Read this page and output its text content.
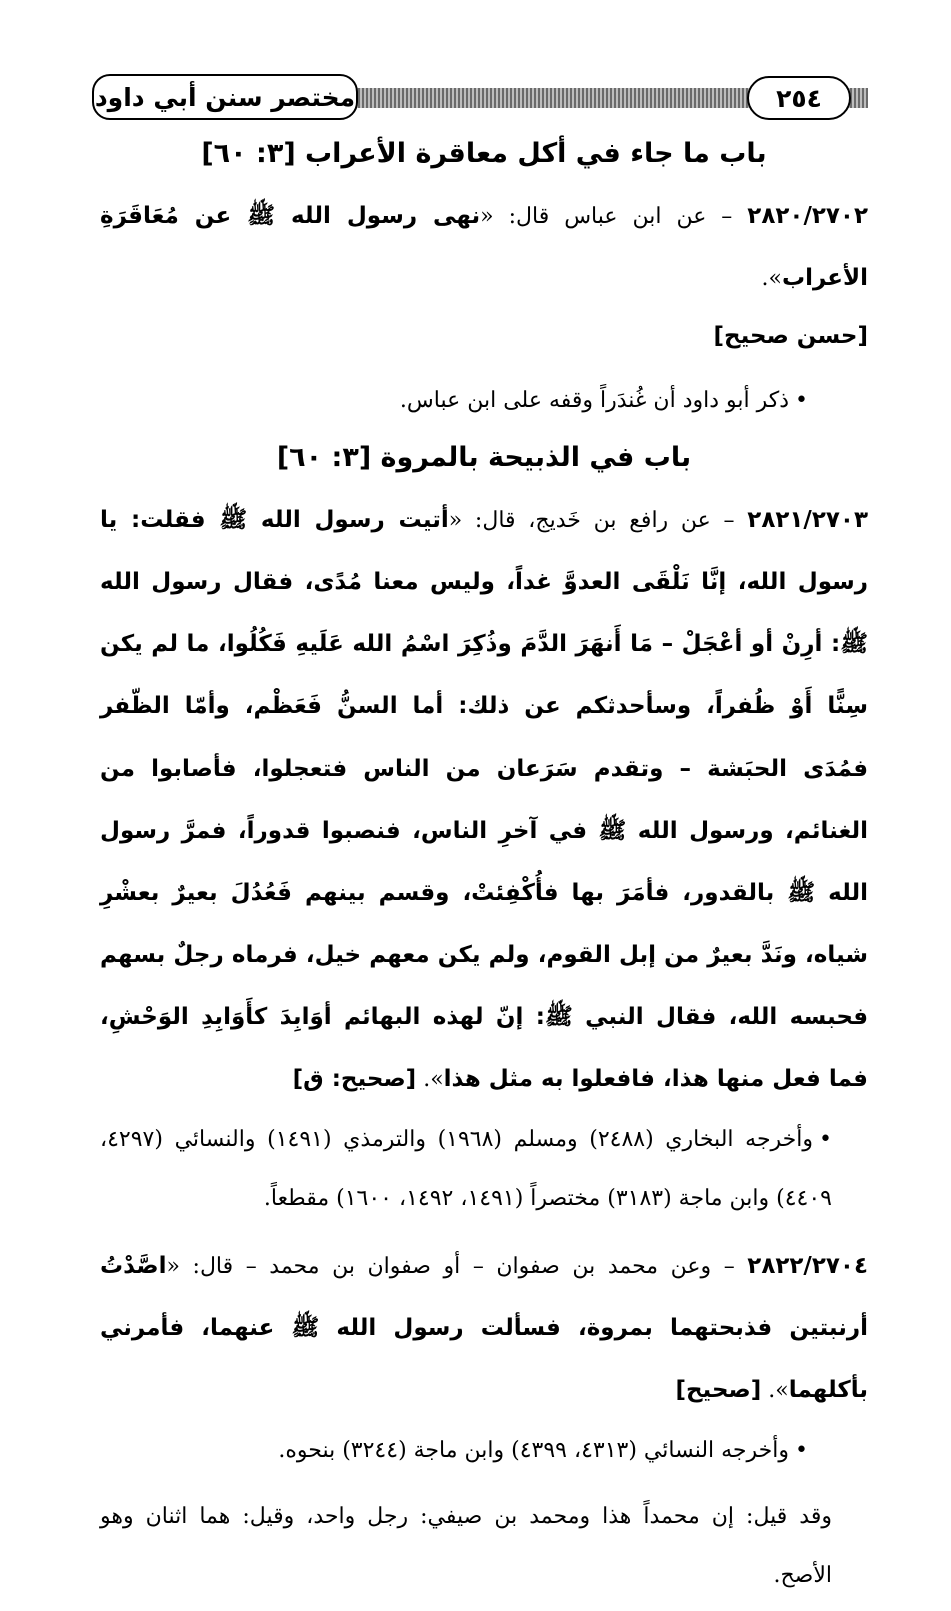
مختصر سنن أبي داود	٢٥٤
باب ما جاء في أكل معاقرة الأعراب [٣: ٦٠]

٢٨٢٠/٢٧٠٢ – عن ابن عباس قال: «نهى رسول الله ﷺ عن مُعَاقَرَةِ الأعراب».

[حسن صحيح]

•ذكر أبو داود أن غُندَراً وقفه على ابن عباس.

باب في الذبيحة بالمروة [٣: ٦٠]

٢٨٢١/٢٧٠٣ – عن رافع بن خَديج، قال: «أتيت رسول الله ﷺ فقلت: يا رسول الله، إنَّا نَلْقَى العدوَّ غداً، وليس معنا مُدًى، فقال رسول الله ﷺ: أرِنْ أو أعْجَلْ – مَا أَنهَرَ الدَّمَ وذُكِرَ اسْمُ الله عَلَيهِ فَكُلُوا، ما لم يكن سِنًّا أَوْ ظُفراً، وسأحدثكم عن ذلك: أما السنُّ فَعَظْم، وأمّا الظّفر فمُدَى الحبَشة – وتقدم سَرَعان من الناس فتعجلوا، فأصابوا من الغنائم، ورسول الله ﷺ في آخرِ الناس، فنصبوا قدوراً، فمرَّ رسول الله ﷺ بالقدور، فأمَرَ بها فأُكْفِئتْ، وقسم بينهم فَعُدُلَ بعيرٌ بعشْرِ شياه، ونَدَّ بعيرٌ من إبل القوم، ولم يكن معهم خيل، فرماه رجلٌ بسهم فحبسه الله، فقال النبي ﷺ: إنّ لهذه البهائم أوَابِدَ كأَوَابِدِ الوَحْشِ، فما فعل منها هذا، فافعلوا به مثل هذا». [صحيح: ق]

•وأخرجه البخاري (٢٤٨٨) ومسلم (١٩٦٨) والترمذي (١٤٩١) والنسائي (٤٢٩٧، ٤٤٠٩) وابن ماجة (٣١٨٣) مختصراً (١٤٩١، ١٤٩٢، ١٦٠٠) مقطعاً.

٢٨٢٢/٢٧٠٤ – وعن محمد بن صفوان – أو صفوان بن محمد – قال: «اصَّدْتُ أرنبتين فذبحتهما بمروة، فسألت رسول الله ﷺ عنهما، فأمرني بأكلهما». [صحيح]

•وأخرجه النسائي (٤٣١٣، ٤٣٩٩) وابن ماجة (٣٢٤٤) بنحوه.

وقد قيل: إن محمداً هذا ومحمد بن صيفي: رجل واحد، وقيل: هما اثنان وهو الأصح.
